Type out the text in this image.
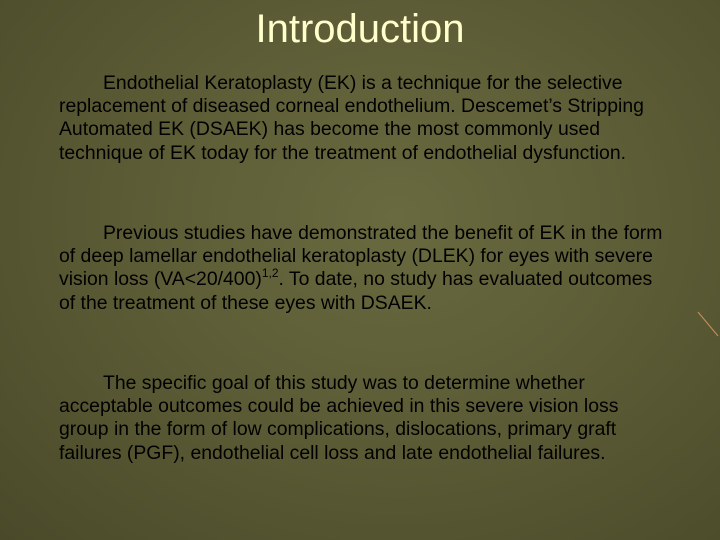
Introduction

Endothelial Keratoplasty (EK) is a technique for the selective replacement of diseased corneal endothelium. Descemet’s Stripping Automated EK (DSAEK) has become the most commonly used technique of EK today for the treatment of endothelial dysfunction.

Previous studies have demonstrated the benefit of EK in the form of deep lamellar endothelial keratoplasty (DLEK) for eyes with severe vision loss (VA<20/400)$^{1,2}$. To date, no study has evaluated outcomes of the treatment of these eyes with DSAEK.

The specific goal of this study was to determine whether acceptable outcomes could be achieved in this severe vision loss group in the form of low complications, dislocations, primary graft failures (PGF), endothelial cell loss and late endothelial failures.
